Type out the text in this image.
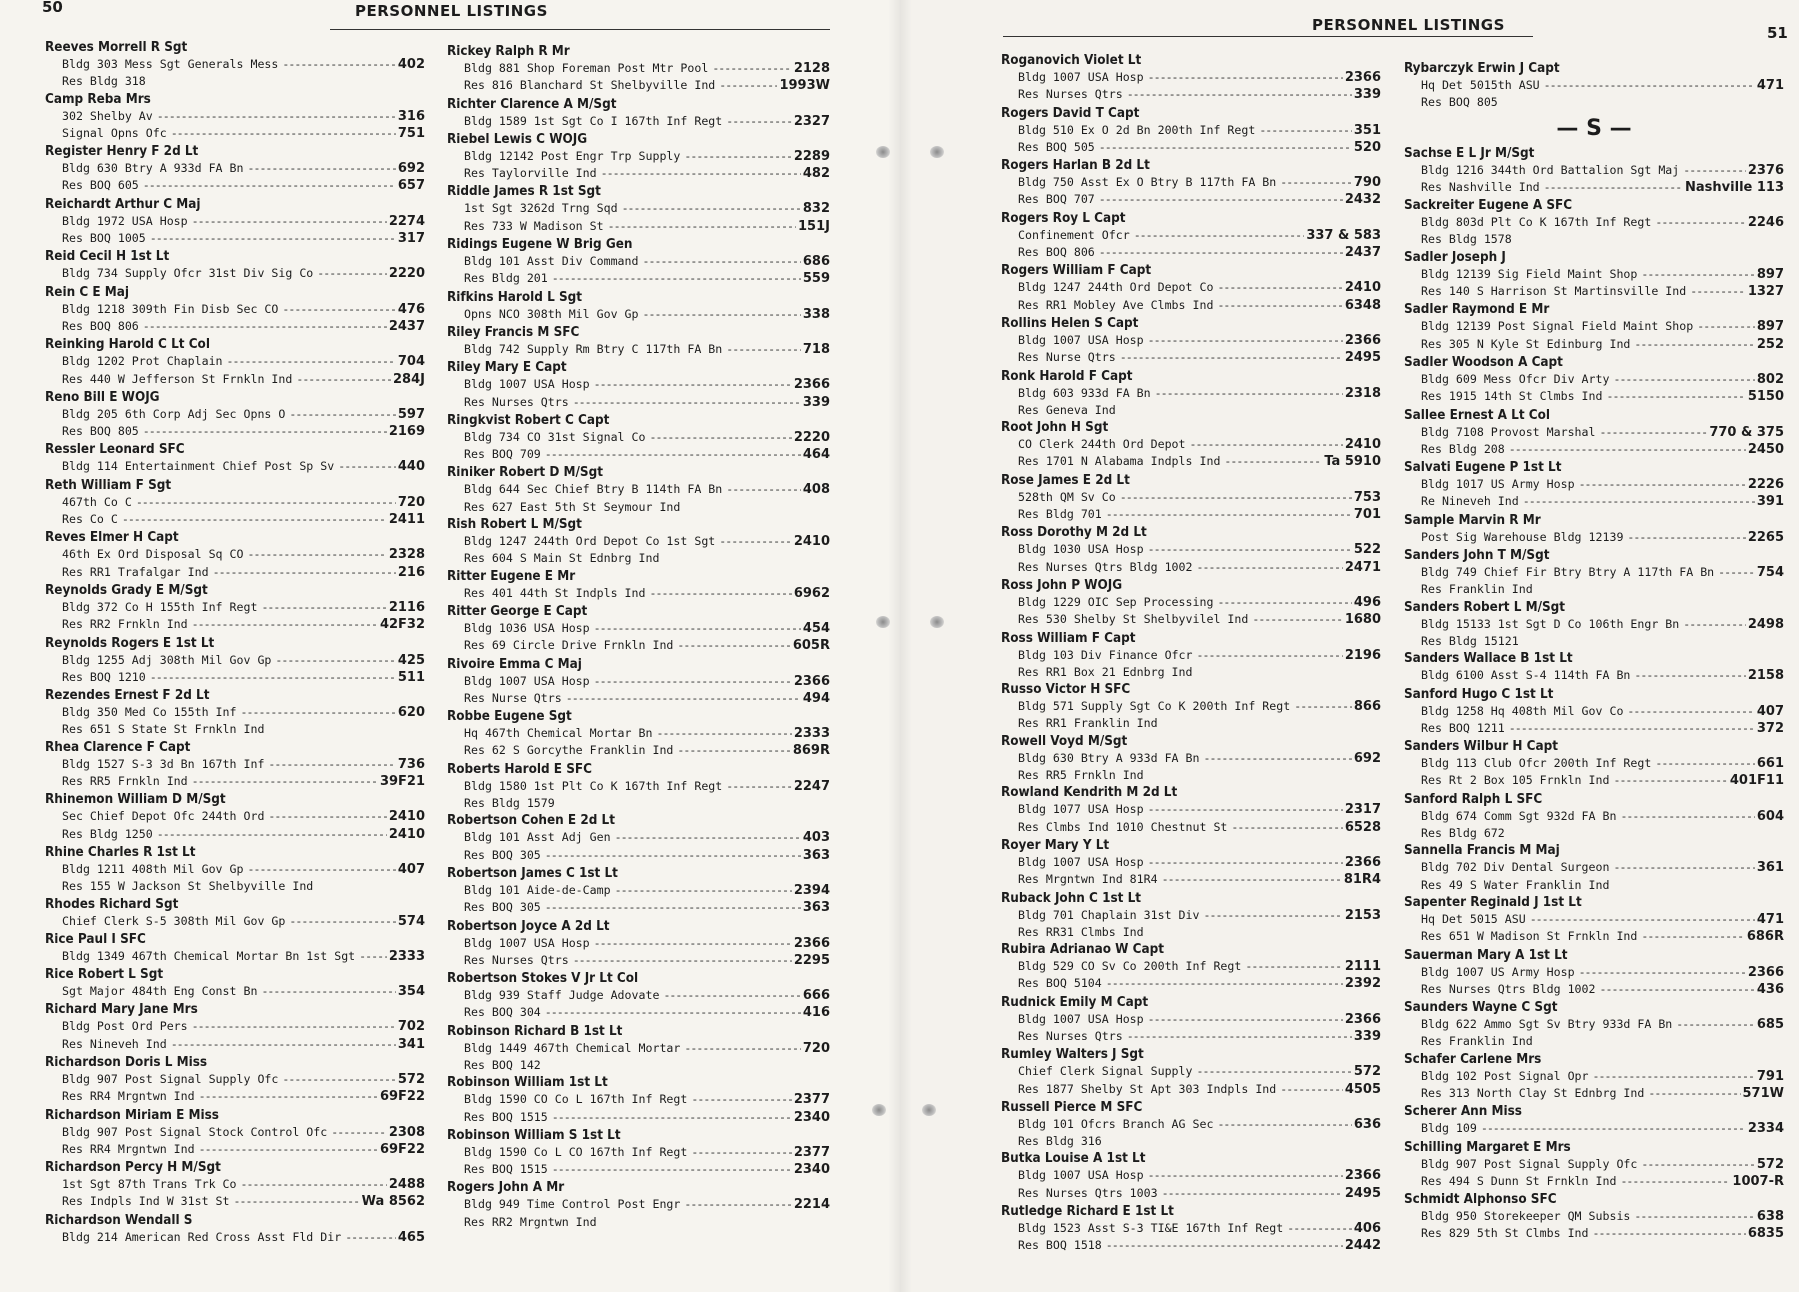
50	PERSONNEL LISTINGS
PERSONNEL LISTINGS	51
Reeves Morrell R Sgt
Bldg 303 Mess Sgt Generals Mess -----	402
Res Bldg 318
Camp Reba Mrs
302 Shelby Av -----	316
Signal Opns Ofc -----	751
Register Henry F 2d Lt
Bldg 630 Btry A 933d FA Bn -----	692
Res BOQ 605 -----	657
Reichardt Arthur C Maj
Bldg 1972 USA Hosp -----	2274
Res BOQ 1005 -----	317
Reid Cecil H 1st Lt
Bldg 734 Supply Ofcr 31st Div Sig Co -----	2220
Rein C E Maj
Bldg 1218 309th Fin Disb Sec CO -----	476
Res BOQ 806 -----	2437
Reinking Harold C Lt Col
Bldg 1202 Prot Chaplain -----	704
Res 440 W Jefferson St Frnkln Ind -----	284J
Reno Bill E WOJG
Bldg 205 6th Corp Adj Sec Opns O -----	597
Res BOQ 805 -----	2169
Ressler Leonard SFC
Bldg 114 Entertainment Chief Post Sp Sv -----	440
Reth William F Sgt
467th Co C -----	720
Res Co C -----	2411
Reves Elmer H Capt
46th Ex Ord Disposal Sq CO -----	2328
Res RR1 Trafalgar Ind -----	216
Reynolds Grady E M/Sgt
Bldg 372 Co H 155th Inf Regt -----	2116
Res RR2 Frnkln Ind -----	42F32
Reynolds Rogers E 1st Lt
Bldg 1255 Adj 308th Mil Gov Gp -----	425
Res BOQ 1210 -----	511
Rezendes Ernest F 2d Lt
Bldg 350 Med Co 155th Inf -----	620
Res 651 S State St Frnkln Ind
Rhea Clarence F Capt
Bldg 1527 S-3 3d Bn 167th Inf -----	736
Res RR5 Frnkln Ind -----	39F21
Rhinemon William D M/Sgt
Sec Chief Depot Ofc 244th Ord -----	2410
Res Bldg 1250 -----	2410
Rhine Charles R 1st Lt
Bldg 1211 408th Mil Gov Gp -----	407
Res 155 W Jackson St Shelbyville Ind
Rhodes Richard Sgt
Chief Clerk S-5 308th Mil Gov Gp -----	574
Rice Paul I SFC
Bldg 1349 467th Chemical Mortar Bn 1st Sgt -----	2333
Rice Robert L Sgt
Sgt Major 484th Eng Const Bn -----	354
Richard Mary Jane Mrs
Bldg Post Ord Pers -----	702
Res Nineveh Ind -----	341
Richardson Doris L Miss
Bldg 907 Post Signal Supply Ofc -----	572
Res RR4 Mrgntwn Ind -----	69F22
Richardson Miriam E Miss
Bldg 907 Post Signal Stock Control Ofc -----	2308
Res RR4 Mrgntwn Ind -----	69F22
Richardson Percy H M/Sgt
1st Sgt 87th Trans Trk Co -----	2488
Res Indpls Ind W 31st St -----	Wa 8562
Richardson Wendall S
Bldg 214 American Red Cross Asst Fld Dir -----	465
Rickey Ralph R Mr
Bldg 881 Shop Foreman Post Mtr Pool -----	2128
Res 816 Blanchard St Shelbyville Ind -----	1993W
Richter Clarence A M/Sgt
Bldg 1589 1st Sgt Co I 167th Inf Regt -----	2327
Riebel Lewis C WOJG
Bldg 12142 Post Engr Trp Supply -----	2289
Res Taylorville Ind -----	482
Riddle James R 1st Sgt
1st Sgt 3262d Trng Sqd -----	832
Res 733 W Madison St -----	151J
Ridings Eugene W Brig Gen
Bldg 101 Asst Div Command -----	686
Res Bldg 201 -----	559
Rifkins Harold L Sgt
Opns NCO 308th Mil Gov Gp -----	338
Riley Francis M SFC
Bldg 742 Supply Rm Btry C 117th FA Bn -----	718
Riley Mary E Capt
Bldg 1007 USA Hosp -----	2366
Res Nurses Qtrs -----	339
Ringkvist Robert C Capt
Bldg 734 CO 31st Signal Co -----	2220
Res BOQ 709 -----	464
Riniker Robert D M/Sgt
Bldg 644 Sec Chief Btry B 114th FA Bn -----	408
Res 627 East 5th St Seymour Ind
Rish Robert L M/Sgt
Bldg 1247 244th Ord Depot Co 1st Sgt -----	2410
Res 604 S Main St Ednbrg Ind
Ritter Eugene E Mr
Res 401 44th St Indpls Ind -----	6962
Ritter George E Capt
Bldg 1036 USA Hosp -----	454
Res 69 Circle Drive Frnkln Ind -----	605R
Rivoire Emma C Maj
Bldg 1007 USA Hosp -----	2366
Res Nurse Qtrs -----	494
Robbe Eugene Sgt
Hq 467th Chemical Mortar Bn -----	2333
Res 62 S Gorcythe Franklin Ind -----	869R
Roberts Harold E SFC
Bldg 1580 1st Plt Co K 167th Inf Regt -----	2247
Res Bldg 1579
Robertson Cohen E 2d Lt
Bldg 101 Asst Adj Gen -----	403
Res BOQ 305 -----	363
Robertson James C 1st Lt
Bldg 101 Aide-de-Camp -----	2394
Res BOQ 305 -----	363
Robertson Joyce A 2d Lt
Bldg 1007 USA Hosp -----	2366
Res Nurses Qtrs -----	2295
Robertson Stokes V Jr Lt Col
Bldg 939 Staff Judge Adovate -----	666
Res BOQ 304 -----	416
Robinson Richard B 1st Lt
Bldg 1449 467th Chemical Mortar -----	720
Res BOQ 142
Robinson William 1st Lt
Bldg 1590 CO Co L 167th Inf Regt -----	2377
Res BOQ 1515 -----	2340
Robinson William S 1st Lt
Bldg 1590 Co L CO 167th Inf Regt -----	2377
Res BOQ 1515 -----	2340
Rogers John A Mr
Bldg 949 Time Control Post Engr -----	2214
Res RR2 Mrgntwn Ind
Roganovich Violet Lt
Bldg 1007 USA Hosp -----	2366
Res Nurses Qtrs -----	339
Rogers David T Capt
Bldg 510 Ex O 2d Bn 200th Inf Regt -----	351
Res BOQ 505 -----	520
Rogers Harlan B 2d Lt
Bldg 750 Asst Ex O Btry B 117th FA Bn -----	790
Res BOQ 707 -----	2432
Rogers Roy L Capt
Confinement Ofcr -----	337 & 583
Res BOQ 806 -----	2437
Rogers William F Capt
Bldg 1247 244th Ord Depot Co -----	2410
Res RR1 Mobley Ave Clmbs Ind -----	6348
Rollins Helen S Capt
Bldg 1007 USA Hosp -----	2366
Res Nurse Qtrs -----	2495
Ronk Harold F Capt
Bldg 603 933d FA Bn -----	2318
Res Geneva Ind
Root John H Sgt
CO Clerk 244th Ord Depot -----	2410
Res 1701 N Alabama Indpls Ind -----	Ta 5910
Rose James E 2d Lt
528th QM Sv Co -----	753
Res Bldg 701 -----	701
Ross Dorothy M 2d Lt
Bldg 1030 USA Hosp -----	522
Res Nurses Qtrs Bldg 1002 -----	2471
Ross John P WOJG
Bldg 1229 OIC Sep Processing -----	496
Res 530 Shelby St Shelbyvilel Ind -----	1680
Ross William F Capt
Bldg 103 Div Finance Ofcr -----	2196
Res RR1 Box 21 Ednbrg Ind
Russo Victor H SFC
Bldg 571 Supply Sgt Co K 200th Inf Regt -----	866
Res RR1 Franklin Ind
Rowell Voyd M/Sgt
Bldg 630 Btry A 933d FA Bn -----	692
Res RR5 Frnkln Ind
Rowland Kendrith M 2d Lt
Bldg 1077 USA Hosp -----	2317
Res Clmbs Ind 1010 Chestnut St -----	6528
Royer Mary Y Lt
Bldg 1007 USA Hosp -----	2366
Res Mrgntwn Ind 81R4 -----	81R4
Ruback John C 1st Lt
Bldg 701 Chaplain 31st Div -----	2153
Res RR31 Clmbs Ind
Rubira Adrianao W Capt
Bldg 529 CO Sv Co 200th Inf Regt -----	2111
Res BOQ 5104 -----	2392
Rudnick Emily M Capt
Bldg 1007 USA Hosp -----	2366
Res Nurses Qtrs -----	339
Rumley Walters J Sgt
Chief Clerk Signal Supply -----	572
Res 1877 Shelby St Apt 303 Indpls Ind -----	4505
Russell Pierce M SFC
Bldg 101 Ofcrs Branch AG Sec -----	636
Res Bldg 316
Butka Louise A 1st Lt
Bldg 1007 USA Hosp -----	2366
Res Nurses Qtrs 1003 -----	2495
Rutledge Richard E 1st Lt
Bldg 1523 Asst S-3 TI&E 167th Inf Regt -----	406
Res BOQ 1518 -----	2442
Rybarczyk Erwin J Capt
Hq Det 5015th ASU -----	471
Res BOQ 805
— S —
Sachse E L Jr M/Sgt
Bldg 1216 344th Ord Battalion Sgt Maj -----	2376
Res Nashville Ind -----	Nashville 113
Sackreiter Eugene A SFC
Bldg 803d Plt Co K 167th Inf Regt -----	2246
Res Bldg 1578
Sadler Joseph J
Bldg 12139 Sig Field Maint Shop -----	897
Res 140 S Harrison St Martinsville Ind -----	1327
Sadler Raymond E Mr
Bldg 12139 Post Signal Field Maint Shop -----	897
Res 305 N Kyle St Edinburg Ind -----	252
Sadler Woodson A Capt
Bldg 609 Mess Ofcr Div Arty -----	802
Res 1915 14th St Clmbs Ind -----	5150
Sallee Ernest A Lt Col
Bldg 7108 Provost Marshal -----	770 & 375
Res Bldg 208 -----	2450
Salvati Eugene P 1st Lt
Bldg 1017 US Army Hosp -----	2226
Re Nineveh Ind -----	391
Sample Marvin R Mr
Post Sig Warehouse Bldg 12139 -----	2265
Sanders John T M/Sgt
Bldg 749 Chief Fir Btry Btry A 117th FA Bn -----	754
Res Franklin Ind
Sanders Robert L M/Sgt
Bldg 15133 1st Sgt D Co 106th Engr Bn -----	2498
Res Bldg 15121
Sanders Wallace B 1st Lt
Bldg 6100 Asst S-4 114th FA Bn -----	2158
Sanford Hugo C 1st Lt
Bldg 1258 Hq 408th Mil Gov Co -----	407
Res BOQ 1211 -----	372
Sanders Wilbur H Capt
Bldg 113 Club Ofcr 200th Inf Regt -----	661
Res Rt 2 Box 105 Frnkln Ind -----	401F11
Sanford Ralph L SFC
Bldg 674 Comm Sgt 932d FA Bn -----	604
Res Bldg 672
Sannella Francis M Maj
Bldg 702 Div Dental Surgeon -----	361
Res 49 S Water Franklin Ind
Sapenter Reginald J 1st Lt
Hq Det 5015 ASU -----	471
Res 651 W Madison St Frnkln Ind -----	686R
Sauerman Mary A 1st Lt
Bldg 1007 US Army Hosp -----	2366
Res Nurses Qtrs Bldg 1002 -----	436
Saunders Wayne C Sgt
Bldg 622 Ammo Sgt Sv Btry 933d FA Bn -----	685
Res Franklin Ind
Schafer Carlene Mrs
Bldg 102 Post Signal Opr -----	791
Res 313 North Clay St Ednbrg Ind -----	571W
Scherer Ann Miss
Bldg 109 -----	2334
Schilling Margaret E Mrs
Bldg 907 Post Signal Supply Ofc -----	572
Res 494 S Dunn St Frnkln Ind -----	1007-R
Schmidt Alphonso SFC
Bldg 950 Storekeeper QM Subsis -----	638
Res 829 5th St Clmbs Ind -----	6835
